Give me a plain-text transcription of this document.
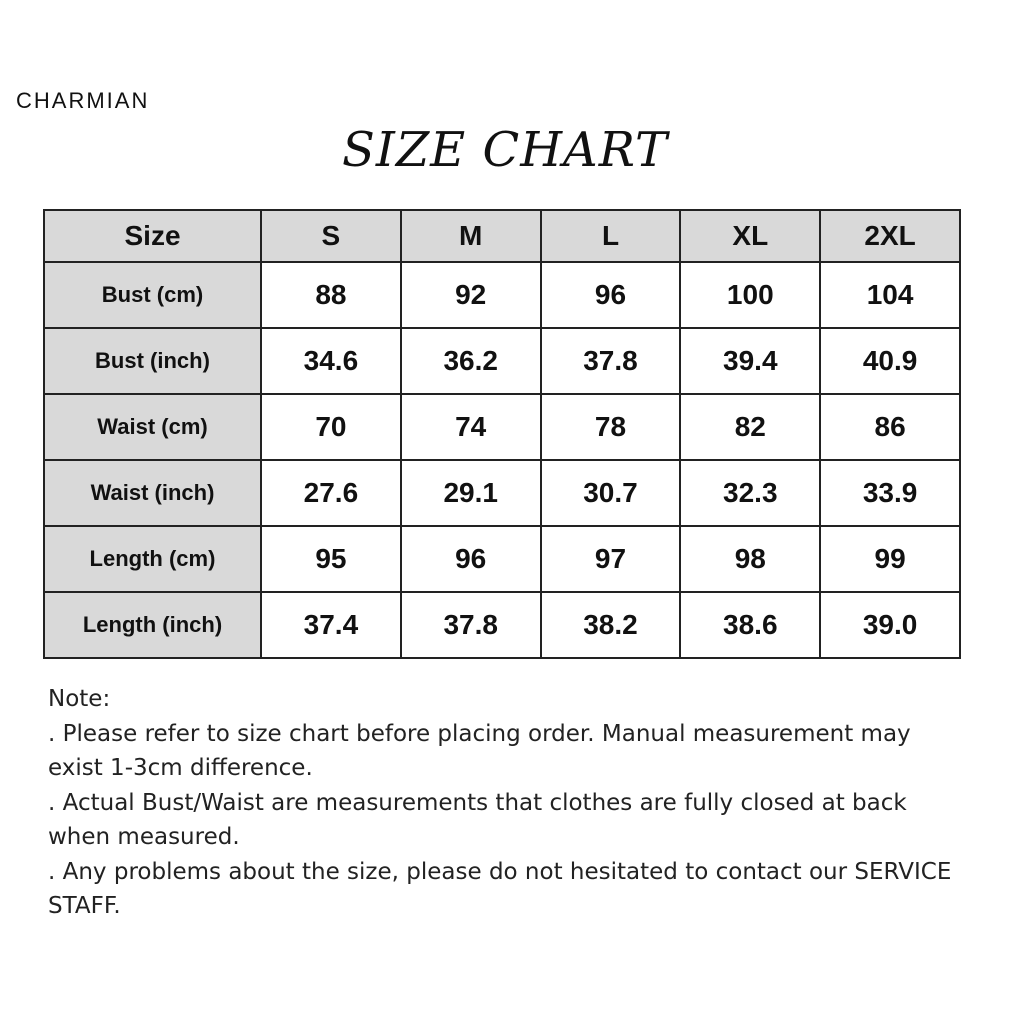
CHARMIAN
SIZE CHART
Size	S	M	L	XL	2XL
Bust (cm)	88	92	96	100	104
Bust (inch)	34.6	36.2	37.8	39.4	40.9
Waist (cm)	70	74	78	82	86
Waist (inch)	27.6	29.1	30.7	32.3	33.9
Length (cm)	95	96	97	98	99
Length (inch)	37.4	37.8	38.2	38.6	39.0

Note:

. Please refer to size chart before placing order. Manual measurement may exist 1-3cm difference.

. Actual Bust/Waist are measurements that clothes are fully closed at back when measured.

. Any problems about the size, please do not hesitated to contact our SERVICE STAFF.
